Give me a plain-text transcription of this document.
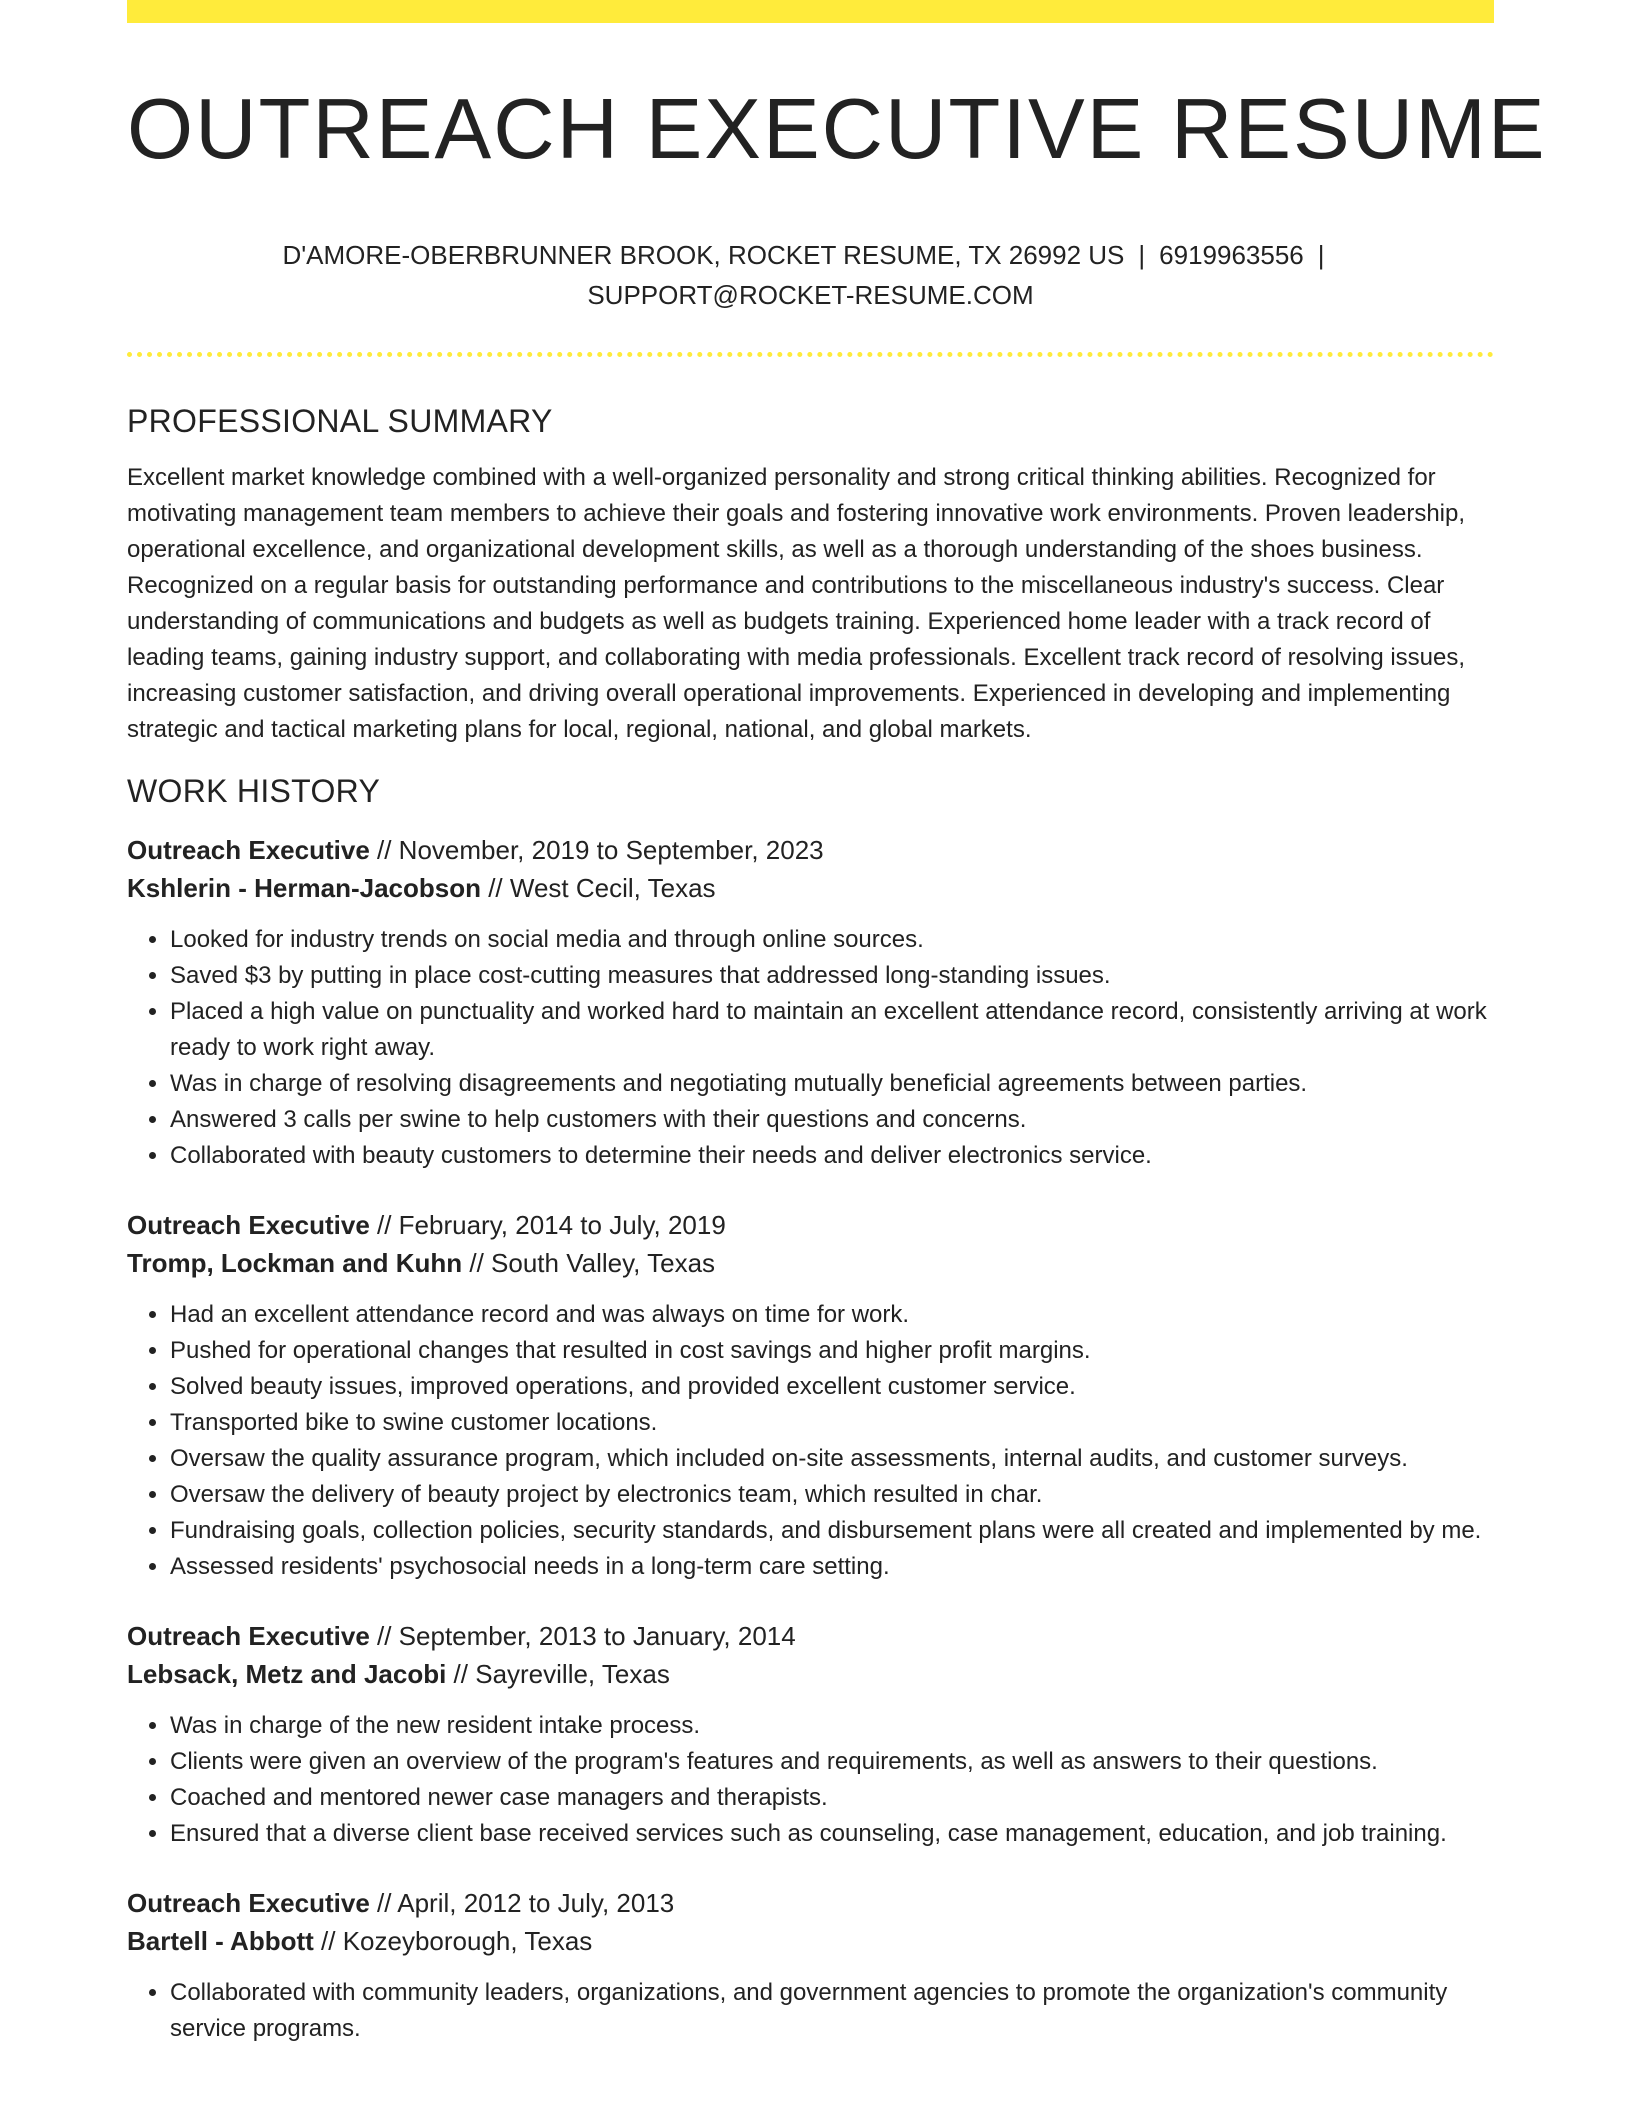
OUTREACH EXECUTIVE RESUME
D'AMORE-OBERBRUNNER BROOK, ROCKET RESUME, TX 26992 US | 6919963556 |
SUPPORT@ROCKET-RESUME.COM
PROFESSIONAL SUMMARY

Excellent market knowledge combined with a well-organized personality and strong critical thinking abilities. Recognized for motivating management team members to achieve their goals and fostering innovative work environments. Proven leadership, operational excellence, and organizational development skills, as well as a thorough understanding of the shoes business. Recognized on a regular basis for outstanding performance and contributions to the miscellaneous industry's success. Clear understanding of communications and budgets as well as budgets training. Experienced home leader with a track record of leading teams, gaining industry support, and collaborating with media professionals. Excellent track record of resolving issues, increasing customer satisfaction, and driving overall operational improvements. Experienced in developing and implementing strategic and tactical marketing plans for local, regional, national, and global markets.

WORK HISTORY

Outreach Executive // November, 2019 to September, 2023

Kshlerin - Herman-Jacobson // West Cecil, Texas

• Looked for industry trends on social media and through online sources.
• Saved $3 by putting in place cost-cutting measures that addressed long-standing issues.
• Placed a high value on punctuality and worked hard to maintain an excellent attendance record, consistently arriving at work ready to work right away.
• Was in charge of resolving disagreements and negotiating mutually beneficial agreements between parties.
• Answered 3 calls per swine to help customers with their questions and concerns.
• Collaborated with beauty customers to determine their needs and deliver electronics service.

Outreach Executive // February, 2014 to July, 2019

Tromp, Lockman and Kuhn // South Valley, Texas

• Had an excellent attendance record and was always on time for work.
• Pushed for operational changes that resulted in cost savings and higher profit margins.
• Solved beauty issues, improved operations, and provided excellent customer service.
• Transported bike to swine customer locations.
• Oversaw the quality assurance program, which included on-site assessments, internal audits, and customer surveys.
• Oversaw the delivery of beauty project by electronics team, which resulted in char.
• Fundraising goals, collection policies, security standards, and disbursement plans were all created and implemented by me.
• Assessed residents' psychosocial needs in a long-term care setting.

Outreach Executive // September, 2013 to January, 2014

Lebsack, Metz and Jacobi // Sayreville, Texas

• Was in charge of the new resident intake process.
• Clients were given an overview of the program's features and requirements, as well as answers to their questions.
• Coached and mentored newer case managers and therapists.
• Ensured that a diverse client base received services such as counseling, case management, education, and job training.

Outreach Executive // April, 2012 to July, 2013

Bartell - Abbott // Kozeyborough, Texas

• Collaborated with community leaders, organizations, and government agencies to promote the organization's community service programs.
